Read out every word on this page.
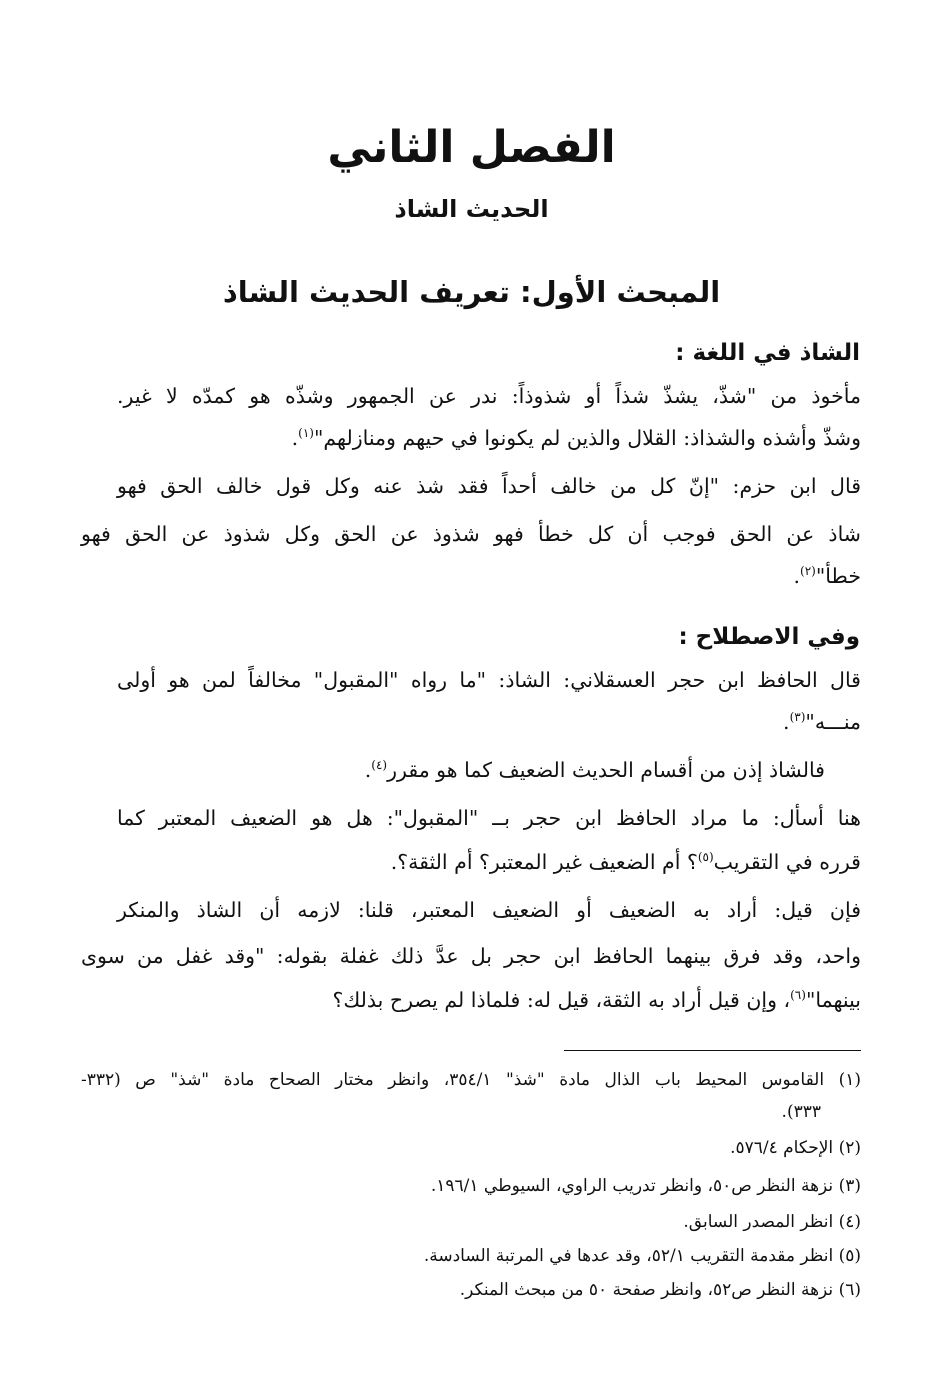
الفصل الثاني
الحديث الشاذ
المبحث الأول: تعريف الحديث الشاذ
الشاذ في اللغة :
مأخوذ من "شذّ، يشذّ شذاً أو شذوذاً: ندر عن الجمهور وشذّه هو كمدّه لا غير.
وشذّ وأشذه والشذاذ: القلال والذين لم يكونوا في حيهم ومنازلهم"$^{(١)}$.
قال ابن حزم: "إنّ كل من خالف أحداً فقد شذ عنه وكل قول خالف الحق فهو
شاذ عن الحق فوجب أن كل خطأ فهو شذوذ عن الحق وكل شذوذ عن الحق فهو
خطأ"$^{(٢)}$.
وفي الاصطلاح :
قال الحافظ ابن حجر العسقلاني: الشاذ: "ما رواه "المقبول" مخالفاً لمن هو أولى
منـــه"$^{(٣)}$.
فالشاذ إذن من أقسام الحديث الضعيف كما هو مقرر$^{(٤)}$.
هنا أسأل: ما مراد الحافظ ابن حجر بــ "المقبول": هل هو الضعيف المعتبر كما
قرره في التقريب$^{(٥)}$؟ أم الضعيف غير المعتبر؟ أم الثقة؟.
فإن قيل: أراد به الضعيف أو الضعيف المعتبر، قلنا: لازمه أن الشاذ والمنكر
واحد، وقد فرق بينهما الحافظ ابن حجر بل عدَّ ذلك غفلة بقوله: "وقد غفل من سوى
بينهما"$^{(٦)}$، وإن قيل أراد به الثقة، قيل له: فلماذا لم يصرح بذلك؟
(١) القاموس المحيط باب الذال مادة "شذ" ٣٥٤/١، وانظر مختار الصحاح مادة "شذ" ص (٣٣٢-
٣٣٣).
(٢) الإحكام ٥٧٦/٤.
(٣) نزهة النظر ص٥٠، وانظر تدريب الراوي، السيوطي ١٩٦/١.
(٤) انظر المصدر السابق.
(٥) انظر مقدمة التقريب ٥٢/١، وقد عدها في المرتبة السادسة.
(٦) نزهة النظر ص٥٢، وانظر صفحة ٥٠ من مبحث المنكر.
